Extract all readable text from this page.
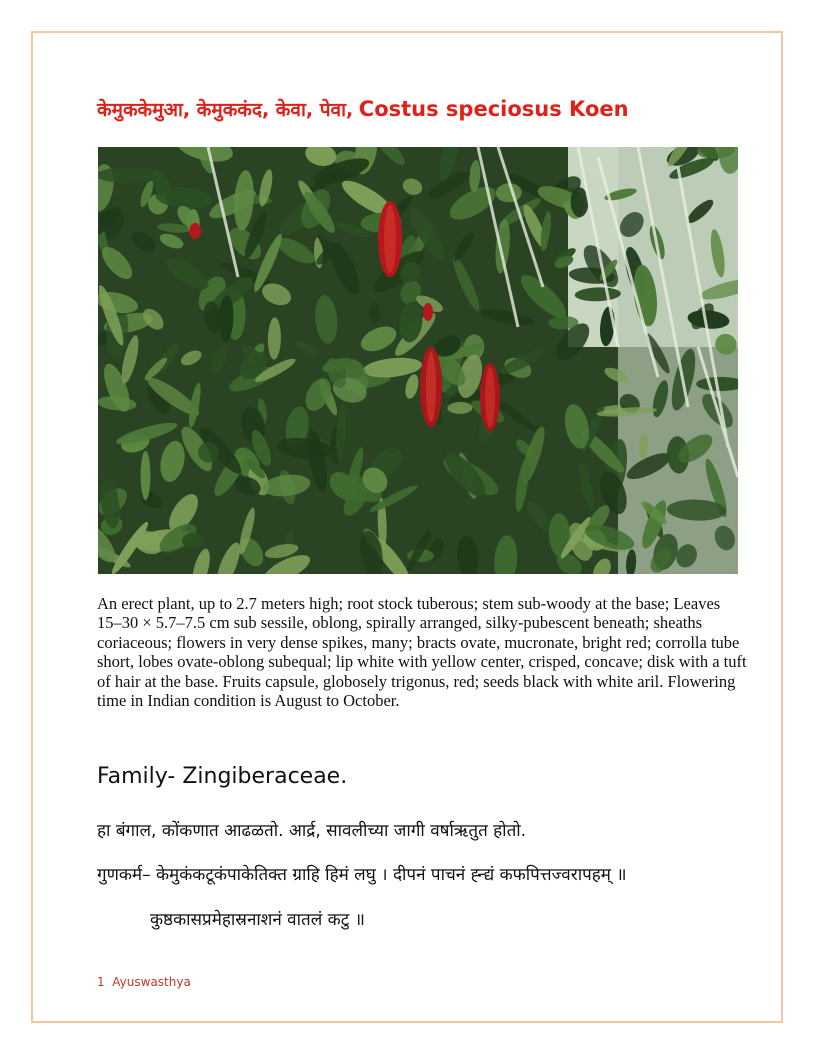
केमुककेमुआ, केमुककंद, केवा, पेवा, Costus speciosus Koen
An erect plant, up to 2.7 meters high; root stock tuberous; stem sub-woody at the base; Leaves 15–30 × 5.7–7.5 cm sub sessile, oblong, spirally arranged, silky-pubescent beneath; sheaths coriaceous; flowers in very dense spikes, many; bracts ovate, mucronate, bright red; corrolla tube short, lobes ovate-oblong subequal; lip white with yellow center, crisped, concave; disk with a tuft of hair at the base. Fruits capsule, globosely trigonus, red; seeds black with white aril. Flowering time in Indian condition is August to October.
Family- Zingiberaceae.
हा बंगाल, कोंकणात आढळतो. आर्द्र, सावलीच्या जागी वर्षाऋतुत होतो.
गुणकर्म– केमुकंकटूकंपाकेतिक्त ग्राहि हिमं लघु । दीपनं पाचनं ह्न्द्यं कफपित्तज्वरापहम् ॥
कुष्ठकासप्रमेहास्रनाशनं वातलं कटु ॥
1 Ayuswasthya
